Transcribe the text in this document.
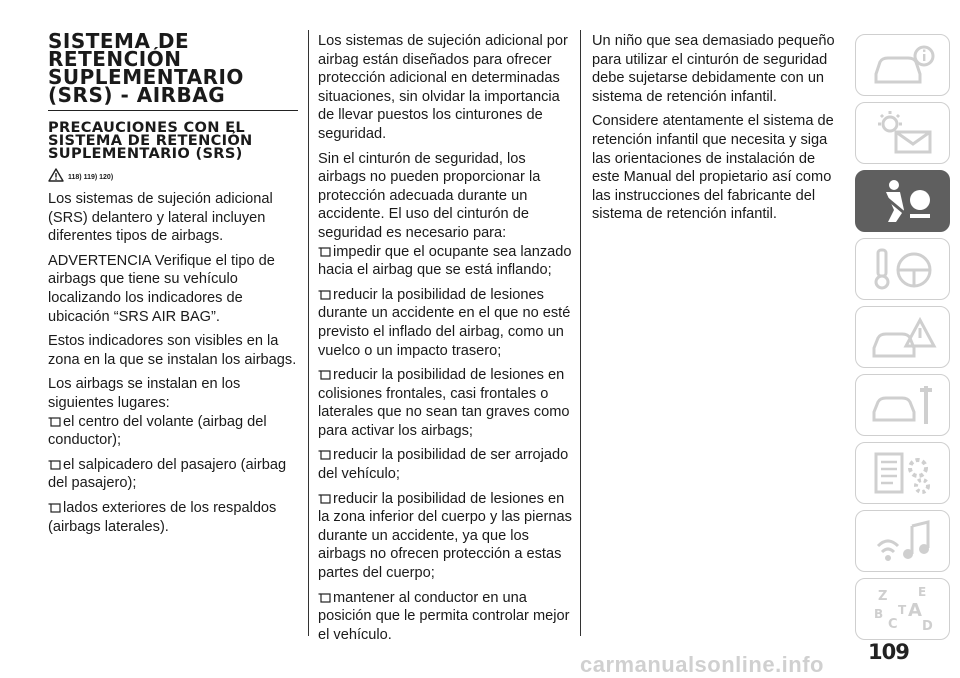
SISTEMA DE RETENCIÓN SUPLEMENTARIO (SRS) - AIRBAG
PRECAUCIONES CON EL SISTEMA DE RETENCIÓN SUPLEMENTARIO (SRS)
118) 119) 120)

Los sistemas de sujeción adicional (SRS) delantero y lateral incluyen diferentes tipos de airbags.

ADVERTENCIA Verifique el tipo de airbags que tiene su vehículo localizando los indicadores de ubicación “SRS AIR BAG”.

Estos indicadores son visibles en la zona en la que se instalan los airbags.

Los airbags se instalan en los siguientes lugares:

el centro del volante (airbag del conductor);

el salpicadero del pasajero (airbag del pasajero);

lados exteriores de los respaldos (airbags laterales).

Los sistemas de sujeción adicional por airbag están diseñados para ofrecer protección adicional en determinadas situaciones, sin olvidar la importancia de llevar puestos los cinturones de seguridad.

Sin el cinturón de seguridad, los airbags no pueden proporcionar la protección adecuada durante un accidente. El uso del cinturón de seguridad es necesario para:

impedir que el ocupante sea lanzado hacia el airbag que se está inflando;

reducir la posibilidad de lesiones durante un accidente en el que no esté previsto el inflado del airbag, como un vuelco o un impacto trasero;

reducir la posibilidad de lesiones en colisiones frontales, casi frontales o laterales que no sean tan graves como para activar los airbags;

reducir la posibilidad de ser arrojado del vehículo;

reducir la posibilidad de lesiones en la zona inferior del cuerpo y las piernas durante un accidente, ya que los airbags no ofrecen protección a estas partes del cuerpo;

mantener al conductor en una posición que le permita controlar mejor el vehículo.

Un niño que sea demasiado pequeño para utilizar el cinturón de seguridad debe sujetarse debidamente con un sistema de retención infantil.

Considere atentamente el sistema de retención infantil que necesita y siga las orientaciones de instalación de este Manual del propietario así como las instrucciones del fabricante del sistema de retención infantil.

Z	E
B A
C
T
D
109
carmanualsonline.info
